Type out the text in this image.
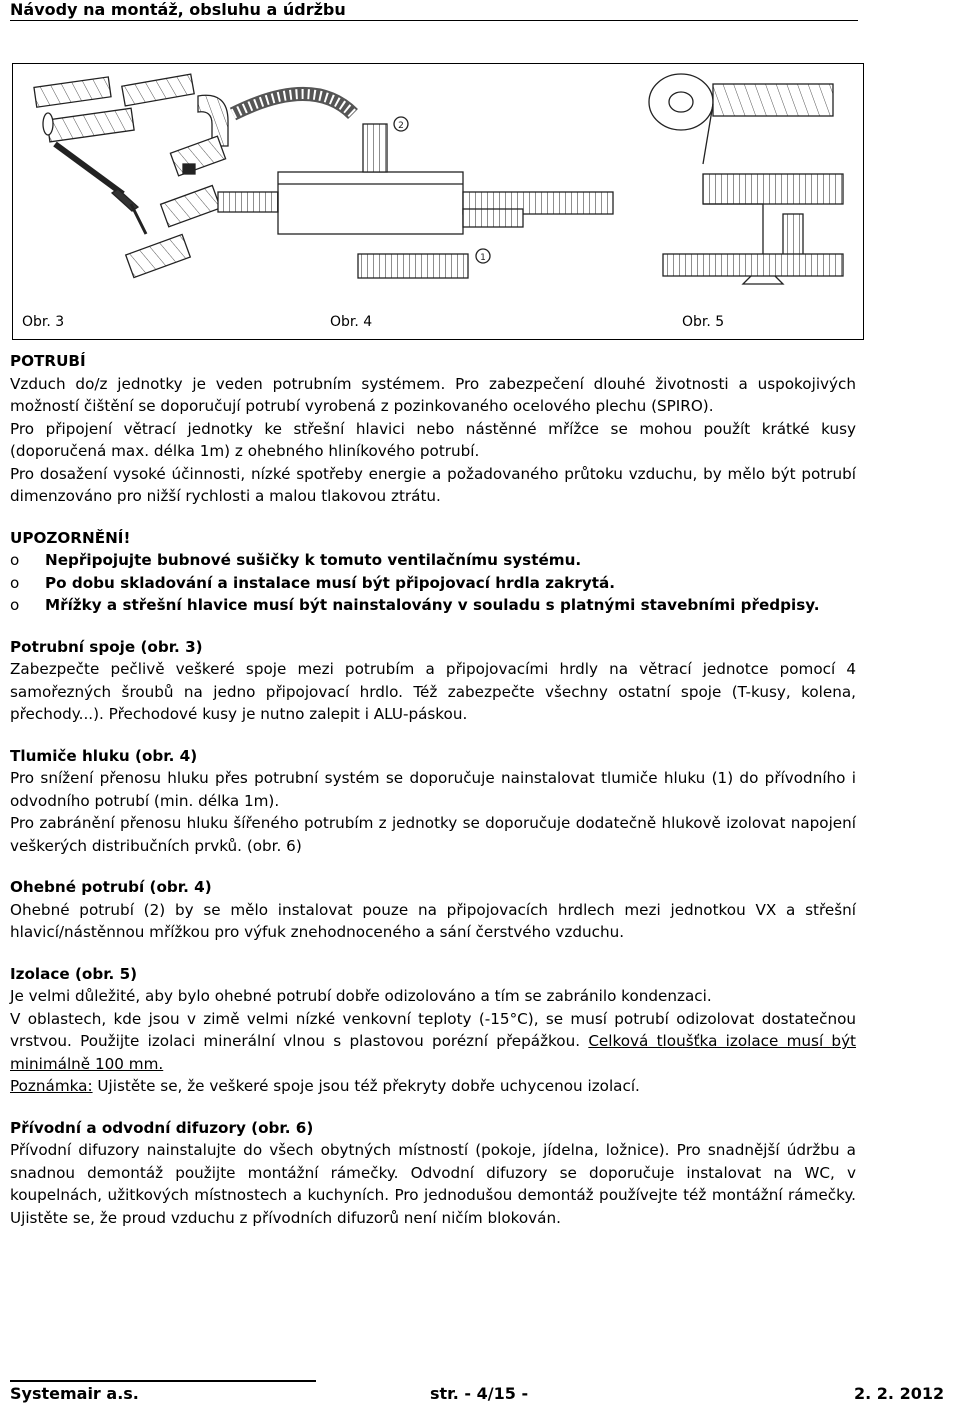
Návody na montáž, obsluhu a údržbu
2
1
Obr. 3	Obr. 4	Obr. 5

POTRUBÍ

Vzduch do/z jednotky je veden potrubním systémem. Pro zabezpečení dlouhé životnosti a uspokojivých možností čištění se doporučují potrubí vyrobená z pozinkovaného ocelového plechu (SPIRO).

Pro připojení větrací jednotky ke střešní hlavici nebo nástěnné mřížce se mohou použít krátké kusy (doporučená max. délka 1m) z ohebného hliníkového potrubí.

Pro dosažení vysoké účinnosti, nízké spotřeby energie a požadovaného průtoku vzduchu, by mělo být potrubí dimenzováno pro nižší rychlosti a malou tlakovou ztrátu.

UPOZORNĚNÍ!

o Nepřipojujte bubnové sušičky k tomuto ventilačnímu systému.
o Po dobu skladování a instalace musí být připojovací hrdla zakrytá.
o Mřížky a střešní hlavice musí být nainstalovány v souladu s platnými stavebními předpisy.

Potrubní spoje (obr. 3)

Zabezpečte pečlivě veškeré spoje mezi potrubím a připojovacími hrdly na větrací jednotce pomocí 4 samořezných šroubů na jedno připojovací hrdlo. Též zabezpečte všechny ostatní spoje (T-kusy, kolena, přechody...). Přechodové kusy je nutno zalepit i ALU-páskou.

Tlumiče hluku (obr. 4)

Pro snížení přenosu hluku přes potrubní systém se doporučuje nainstalovat tlumiče hluku (1) do přívodního i odvodního potrubí (min. délka 1m).

Pro zabránění přenosu hluku šířeného potrubím z jednotky se doporučuje dodatečně hlukově izolovat napojení veškerých distribučních prvků. (obr. 6)

Ohebné potrubí (obr. 4)

Ohebné potrubí (2) by se mělo instalovat pouze na připojovacích hrdlech mezi jednotkou VX a střešní hlavicí/nástěnnou mřížkou pro výfuk znehodnoceného a sání čerstvého vzduchu.

Izolace (obr. 5)

Je velmi důležité, aby bylo ohebné potrubí dobře odizolováno a tím se zabránilo kondenzaci.

V oblastech, kde jsou v zimě velmi nízké venkovní teploty (-15°C), se musí potrubí odizolovat dostatečnou vrstvou. Použijte izolaci minerální vlnou s plastovou porézní přepážkou. Celková tloušťka izolace musí být minimálně 100 mm.

Poznámka: Ujistěte se, že veškeré spoje jsou též překryty dobře uchycenou izolací.

Přívodní a odvodní difuzory (obr. 6)

Přívodní difuzory nainstalujte do všech obytných místností (pokoje, jídelna, ložnice). Pro snadnější údržbu a snadnou demontáž použijte montážní rámečky. Odvodní difuzory se doporučuje instalovat na WC, v koupelnách, užitkových místnostech a kuchyních. Pro jednodušou demontáž používejte též montážní rámečky. Ujistěte se, že proud vzduchu z přívodních difuzorů není ničím blokován.

Systemair a.s.	str. - 4/15 -	2. 2. 2012
